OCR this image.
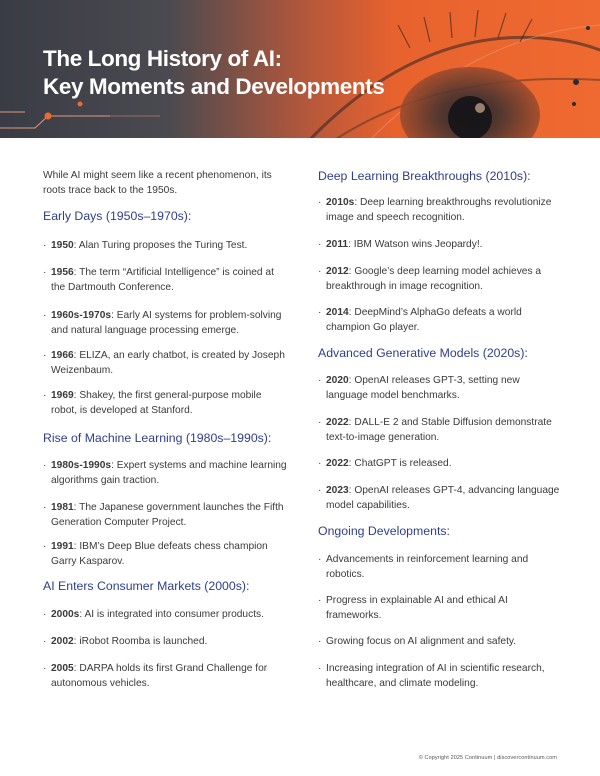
The Long History of AI:
Key Moments and Developments

While AI might seem like a recent phenomenon, its roots trace back to the 1950s.

Early Days (1950s–1970s):
· 1950: Alan Turing proposes the Turing Test.
· 1956: The term “Artificial Intelligence” is coined at the Dartmouth Conference.
· 1960s-1970s: Early AI systems for problem-solving and natural language processing emerge.
· 1966: ELIZA, an early chatbot, is created by Joseph Weizenbaum.
· 1969: Shakey, the first general-purpose mobile robot, is developed at Stanford.
Rise of Machine Learning (1980s–1990s):
· 1980s-1990s: Expert systems and machine learning algorithms gain traction.
· 1981: The Japanese government launches the Fifth Generation Computer Project.
· 1991: IBM’s Deep Blue defeats chess champion Garry Kasparov.
AI Enters Consumer Markets (2000s):
· 2000s: AI is integrated into consumer products.
· 2002: iRobot Roomba is launched.
· 2005: DARPA holds its first Grand Challenge for autonomous vehicles.
Deep Learning Breakthroughs (2010s):
· 2010s: Deep learning breakthroughs revolutionize image and speech recognition.
· 2011: IBM Watson wins Jeopardy!.
· 2012: Google’s deep learning model achieves a breakthrough in image recognition.
· 2014: DeepMind’s AlphaGo defeats a world champion Go player.
Advanced Generative Models (2020s):
· 2020: OpenAI releases GPT-3, setting new language model benchmarks.
· 2022: DALL-E 2 and Stable Diffusion demonstrate text-to-image generation.
· 2022: ChatGPT is released.
· 2023: OpenAI releases GPT-4, advancing language model capabilities.
Ongoing Developments:
· Advancements in reinforcement learning and robotics.
· Progress in explainable AI and ethical AI frameworks.
· Growing focus on AI alignment and safety.
· Increasing integration of AI in scientific research, healthcare, and climate modeling.
© Copyright 2025 Continuum | discovercontinuum.com
